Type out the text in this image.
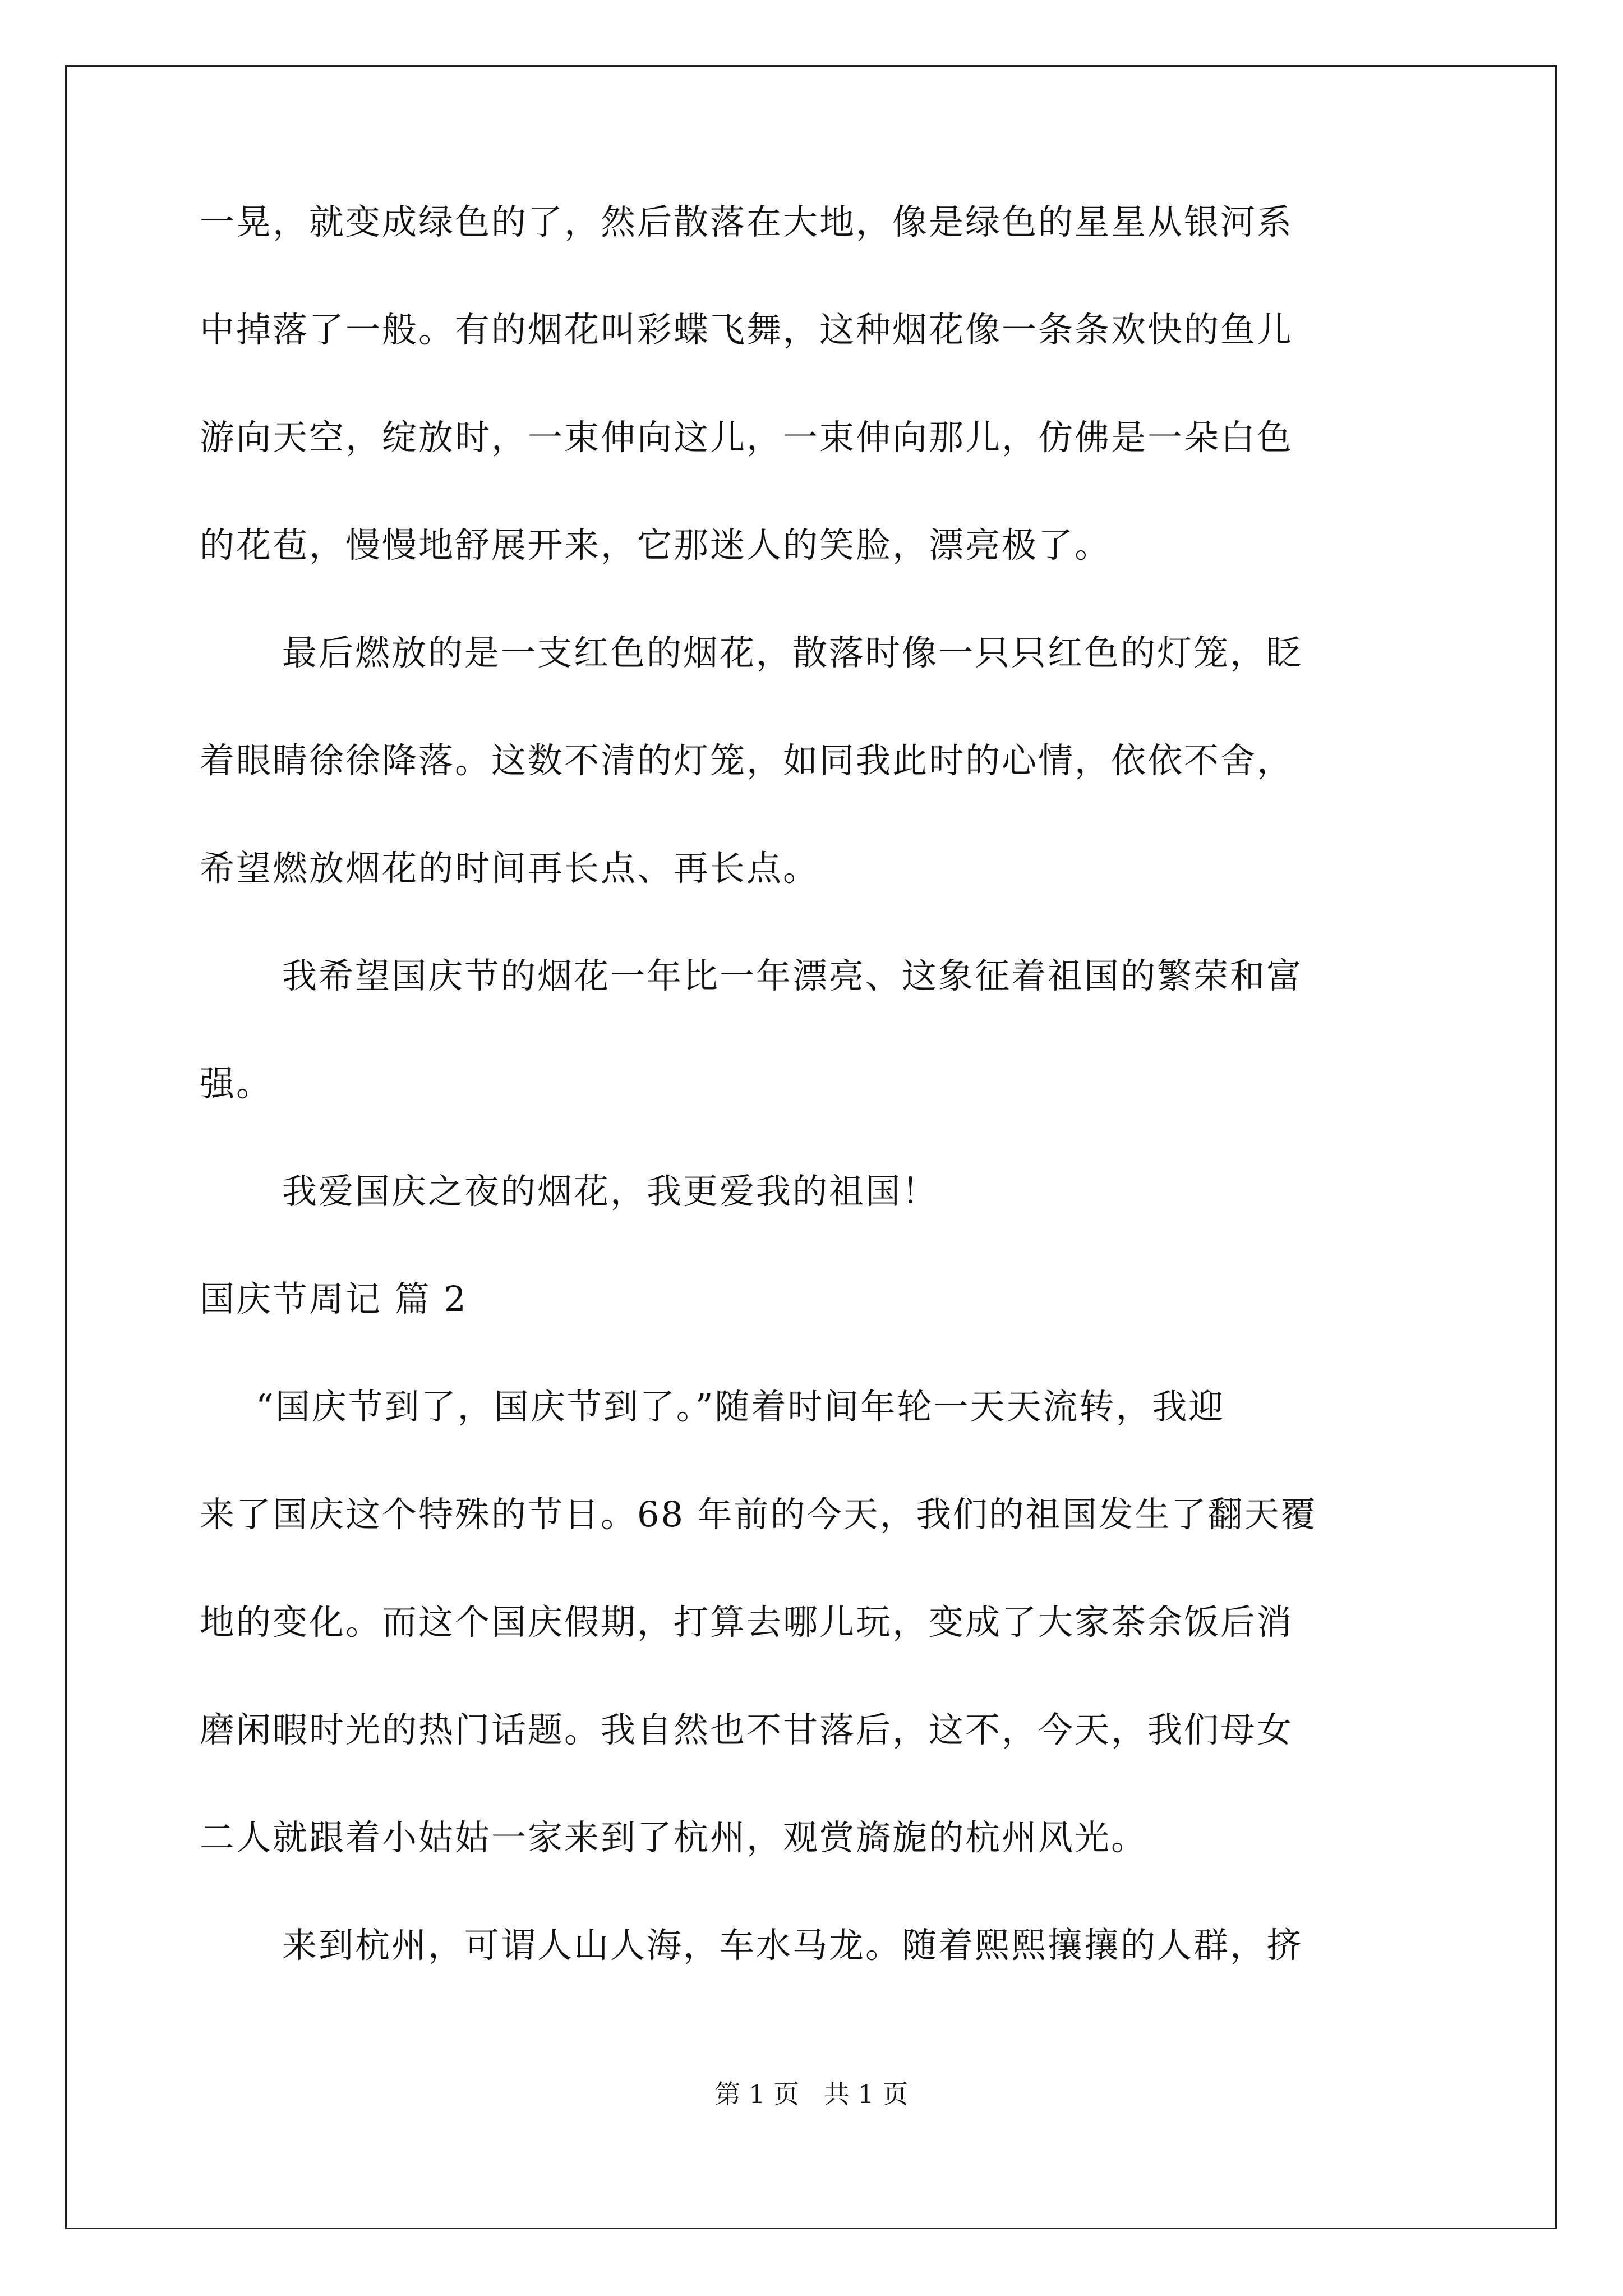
一晃，就变成绿色的了，然后散落在大地，像是绿色的星星从银河系
中掉落了一般。有的烟花叫彩蝶飞舞，这种烟花像一条条欢快的鱼儿
游向天空，绽放时，一束伸向这儿，一束伸向那儿，仿佛是一朵白色
的花苞，慢慢地舒展开来，它那迷人的笑脸，漂亮极了。
最后燃放的是一支红色的烟花，散落时像一只只红色的灯笼，眨
着眼睛徐徐降落。这数不清的灯笼，如同我此时的心情，依依不舍，
希望燃放烟花的时间再长点、再长点。
我希望国庆节的烟花一年比一年漂亮、这象征着祖国的繁荣和富
强。
我爱国庆之夜的烟花，我更爱我的祖国！
国庆节周记 篇 2
“国庆节到了，国庆节到了。”随着时间年轮一天天流转，我迎
来了国庆这个特殊的节日。68 年前的今天，我们的祖国发生了翻天覆
地的变化。而这个国庆假期，打算去哪儿玩，变成了大家茶余饭后消
磨闲暇时光的热门话题。我自然也不甘落后，这不，今天，我们母女
二人就跟着小姑姑一家来到了杭州，观赏旖旎的杭州风光。
来到杭州，可谓人山人海，车水马龙。随着熙熙攘攘的人群，挤
第 1 页   共 1 页
